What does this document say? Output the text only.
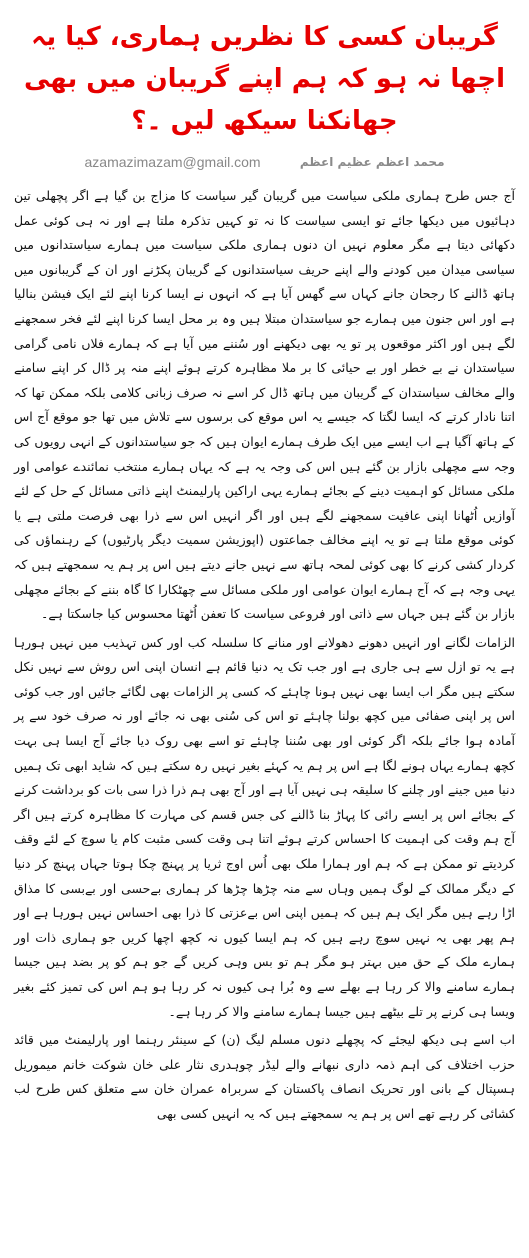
گریبان کسی کا نظریں ہماری، کیا یہ اچھا نہ ہو کہ ہم اپنے گریبان میں بھی جھانکنا سیکھ لیں ۔؟
azamazimazam@gmail.com	محمد اعظم عظیم اعظم

آج جس طرح ہماری ملکی سیاست میں گریبان گیر سیاست کا مزاج بن گیا ہے اگر پچھلی تین دہائیوں میں دیکھا جائے تو ایسی سیاست کا نہ تو کہیں تذکرہ ملتا ہے اور نہ ہی کوئی عمل دکھائی دیتا ہے مگر معلوم نہیں ان دنوں ہماری ملکی سیاست میں ہمارے سیاستدانوں میں سیاسی میدان میں کودنے والے اپنے حریف سیاستدانوں کے گریبان پکڑنے اور ان کے گریبانوں میں ہاتھ ڈالنے کا رجحان جانے کہاں سے گھس آیا ہے کہ انہوں نے ایسا کرنا اپنے لئے ایک فیشن بنالیا ہے اور اس جنون میں ہمارے جو سیاستدان مبتلا ہیں وہ بر محل ایسا کرنا اپنے لئے فخر سمجھنے لگے ہیں اور اکثر موقعوں پر تو یہ بھی دیکھنے اور سُننے میں آیا ہے کہ ہمارے فلاں نامی گرامی سیاستدان نے بے خطر اور بے حیائی کا بر ملا مظاہرہ کرتے ہوئے اپنے منہ پر ڈال کر اپنے سامنے والے مخالف سیاستدان کے گریبان میں ہاتھ ڈال کر اسے نہ صرف زبانی کلامی بلکہ ممکن تھا کہ اتنا نادار کرتے کہ ایسا لگتا کہ جیسے یہ اس موقع کی برسوں سے تلاش میں تھا جو موقع آج اس کے ہاتھ آگیا ہے اب ایسے میں ایک طرف ہمارے ایوان ہیں کہ جو سیاستدانوں کے انہی رویوں کی وجہ سے مچھلی بازار بن گئے ہیں اس کی وجہ یہ ہے کہ یہاں ہمارے منتخب نمائندے عوامی اور ملکی مسائل کو اہمیت دینے کے بجائے ہمارے یہی اراکین پارلیمنٹ اپنے ذاتی مسائل کے حل کے لئے آوازیں اُٹھانا اپنی عافیت سمجھنے لگے ہیں اور اگر انہیں اس سے ذرا بھی فرصت ملتی ہے یا کوئی موقع ملتا ہے تو یہ اپنے مخالف جماعتوں (اپوزیشن سمیت دیگر پارٹیوں) کے رہنماؤں کی کردار کشی کرنے کا بھی کوئی لمحہ ہاتھ سے نہیں جانے دیتے ہیں اس پر ہم یہ سمجھتے ہیں کہ یہی وجہ ہے کہ آج ہمارے ایوان عوامی اور ملکی مسائل سے چھٹکارا کا گاہ بننے کے بجائے مچھلی بازار بن گئے ہیں جہاں سے ذاتی اور فروعی سیاست کا تعفن اُٹھتا محسوس کیا جاسکتا ہے۔

الزامات لگانے اور انہیں دھونے دھولانے اور منانے کا سلسلہ کب اور کس تہذیب میں نہیں ہورہا ہے یہ تو ازل سے ہی جاری ہے اور جب تک یہ دنیا قائم ہے انسان اپنی اس روش سے نہیں نکل سکتے ہیں مگر اب ایسا بھی نہیں ہونا چاہئے کہ کسی پر الزامات بھی لگائے جائیں اور جب کوئی اس پر اپنی صفائی میں کچھ بولنا چاہئے تو اس کی سُنی بھی نہ جائے اور نہ صرف خود سے پر آمادہ ہوا جائے بلکہ اگر کوئی اور بھی سُننا چاہئے تو اسے بھی روک دیا جائے آج ایسا ہی بہت کچھ ہمارے یہاں ہونے لگا ہے اس پر ہم یہ کہئے بغیر نہیں رہ سکتے ہیں کہ شاید ابھی تک ہمیں دنیا میں جینے اور چلنے کا سلیقہ ہی نہیں آیا ہے اور آج بھی ہم ذرا ذرا سی بات کو برداشت کرنے کے بجائے اس پر ایسے رائی کا پہاڑ بنا ڈالنے کی جس قسم کی مہارت کا مظاہرہ کرتے ہیں اگر آج ہم وقت کی اہمیت کا احساس کرتے ہوئے اتنا ہی وقت کسی مثبت کام یا سوچ کے لئے وقف کردیتے تو ممکن ہے کہ ہم اور ہمارا ملک بھی اُس اوج ثریا پر پہنچ چکا ہوتا جہاں پہنچ کر دنیا کے دیگر ممالک کے لوگ ہمیں وہاں سے منہ چڑھا چڑھا کر ہماری بےحسی اور بےبسی کا مذاق اڑا رہے ہیں مگر ایک ہم ہیں کہ ہمیں اپنی اس بےعزتی کا ذرا بھی احساس نہیں ہورہا ہے اور ہم پھر بھی یہ نہیں سوچ رہے ہیں کہ ہم ایسا کیوں نہ کچھ اچھا کریں جو ہماری ذات اور ہمارے ملک کے حق میں بہتر ہو مگر ہم تو بس وہی کریں گے جو ہم کو پر بضد ہیں جیسا ہمارے سامنے والا کر رہا ہے بھلے سے وہ بُرا ہی کیوں نہ کر رہا ہو ہم اس کی تمیز کئے بغیر ویسا ہی کرنے پر تلے بیٹھے ہیں جیسا ہمارے سامنے والا کر رہا ہے۔

اب اسے ہی دیکھ لیجئے کہ پچھلے دنوں مسلم لیگ (ن) کے سینئر رہنما اور پارلیمنٹ میں قائد حزب اختلاف کی اہم ذمہ داری نبھانے والے لیڈر چوہدری نثار علی خان شوکت خانم میموریل ہسپتال کے بانی اور تحریک انصاف پاکستان کے سربراہ عمران خان سے متعلق کس طرح لب کشائی کر رہے تھے اس پر ہم یہ سمجھتے ہیں کہ یہ انہیں کسی بھی
